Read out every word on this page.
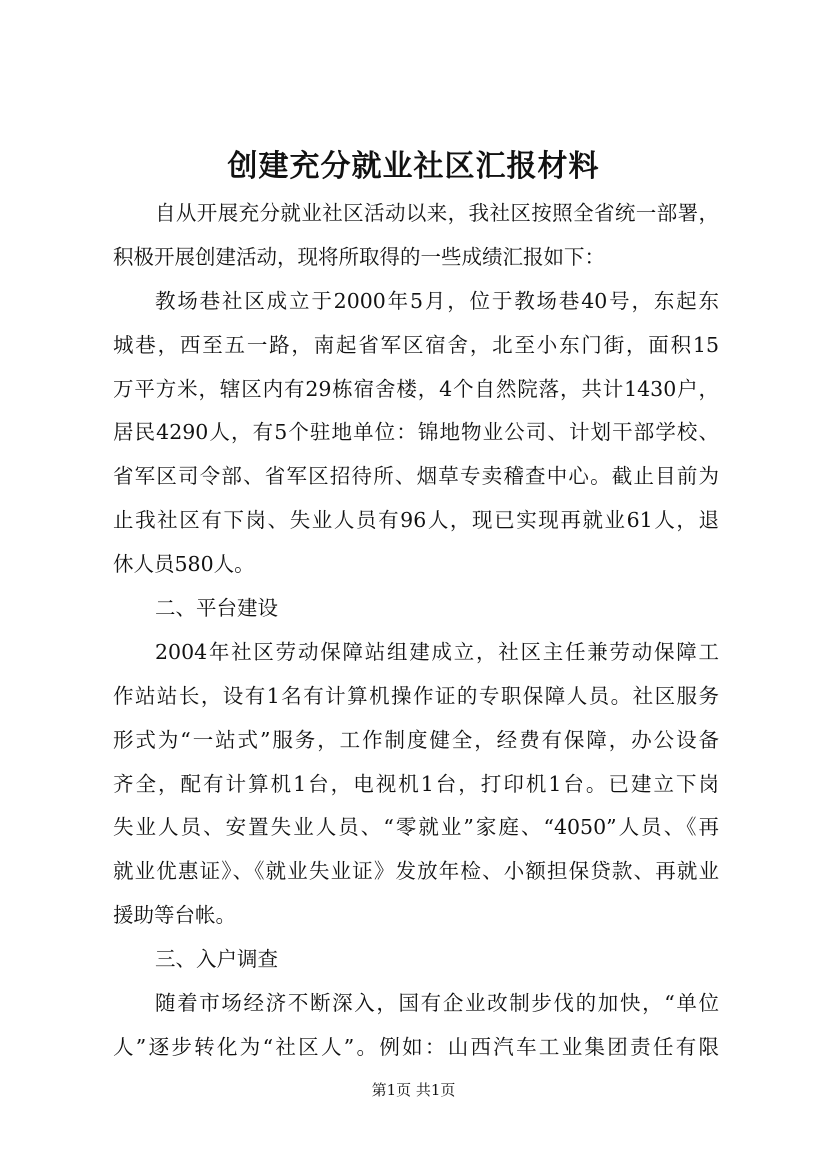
创建充分就业社区汇报材料
自从开展充分就业社区活动以来，我社区按照全省统一部署，
积极开展创建活动，现将所取得的一些成绩汇报如下：
教场巷社区成立于2000年5月，位于教场巷40号，东起东
城巷，西至五一路，南起省军区宿舍，北至小东门街，面积15
万平方米，辖区内有29栋宿舍楼，4个自然院落，共计1430户，
居民4290人，有5个驻地单位：锦地物业公司、计划干部学校、
省军区司令部、省军区招待所、烟草专卖稽查中心。截止目前为
止我社区有下岗、失业人员有96人，现已实现再就业61人，退
休人员580人。
二、平台建设
2004年社区劳动保障站组建成立，社区主任兼劳动保障工
作站站长，设有1名有计算机操作证的专职保障人员。社区服务
形式为“一站式”服务，工作制度健全，经费有保障，办公设备
齐全，配有计算机1台，电视机1台，打印机1台。已建立下岗
失业人员、安置失业人员、“零就业”家庭、“4050”人员、《再
就业优惠证》、《就业失业证》发放年检、小额担保贷款、再就业
援助等台帐。
三、入户调查
随着市场经济不断深入，国有企业改制步伐的加快，“单位
人”逐步转化为“社区人”。例如：山西汽车工业集团责任有限
第1页 共1页
